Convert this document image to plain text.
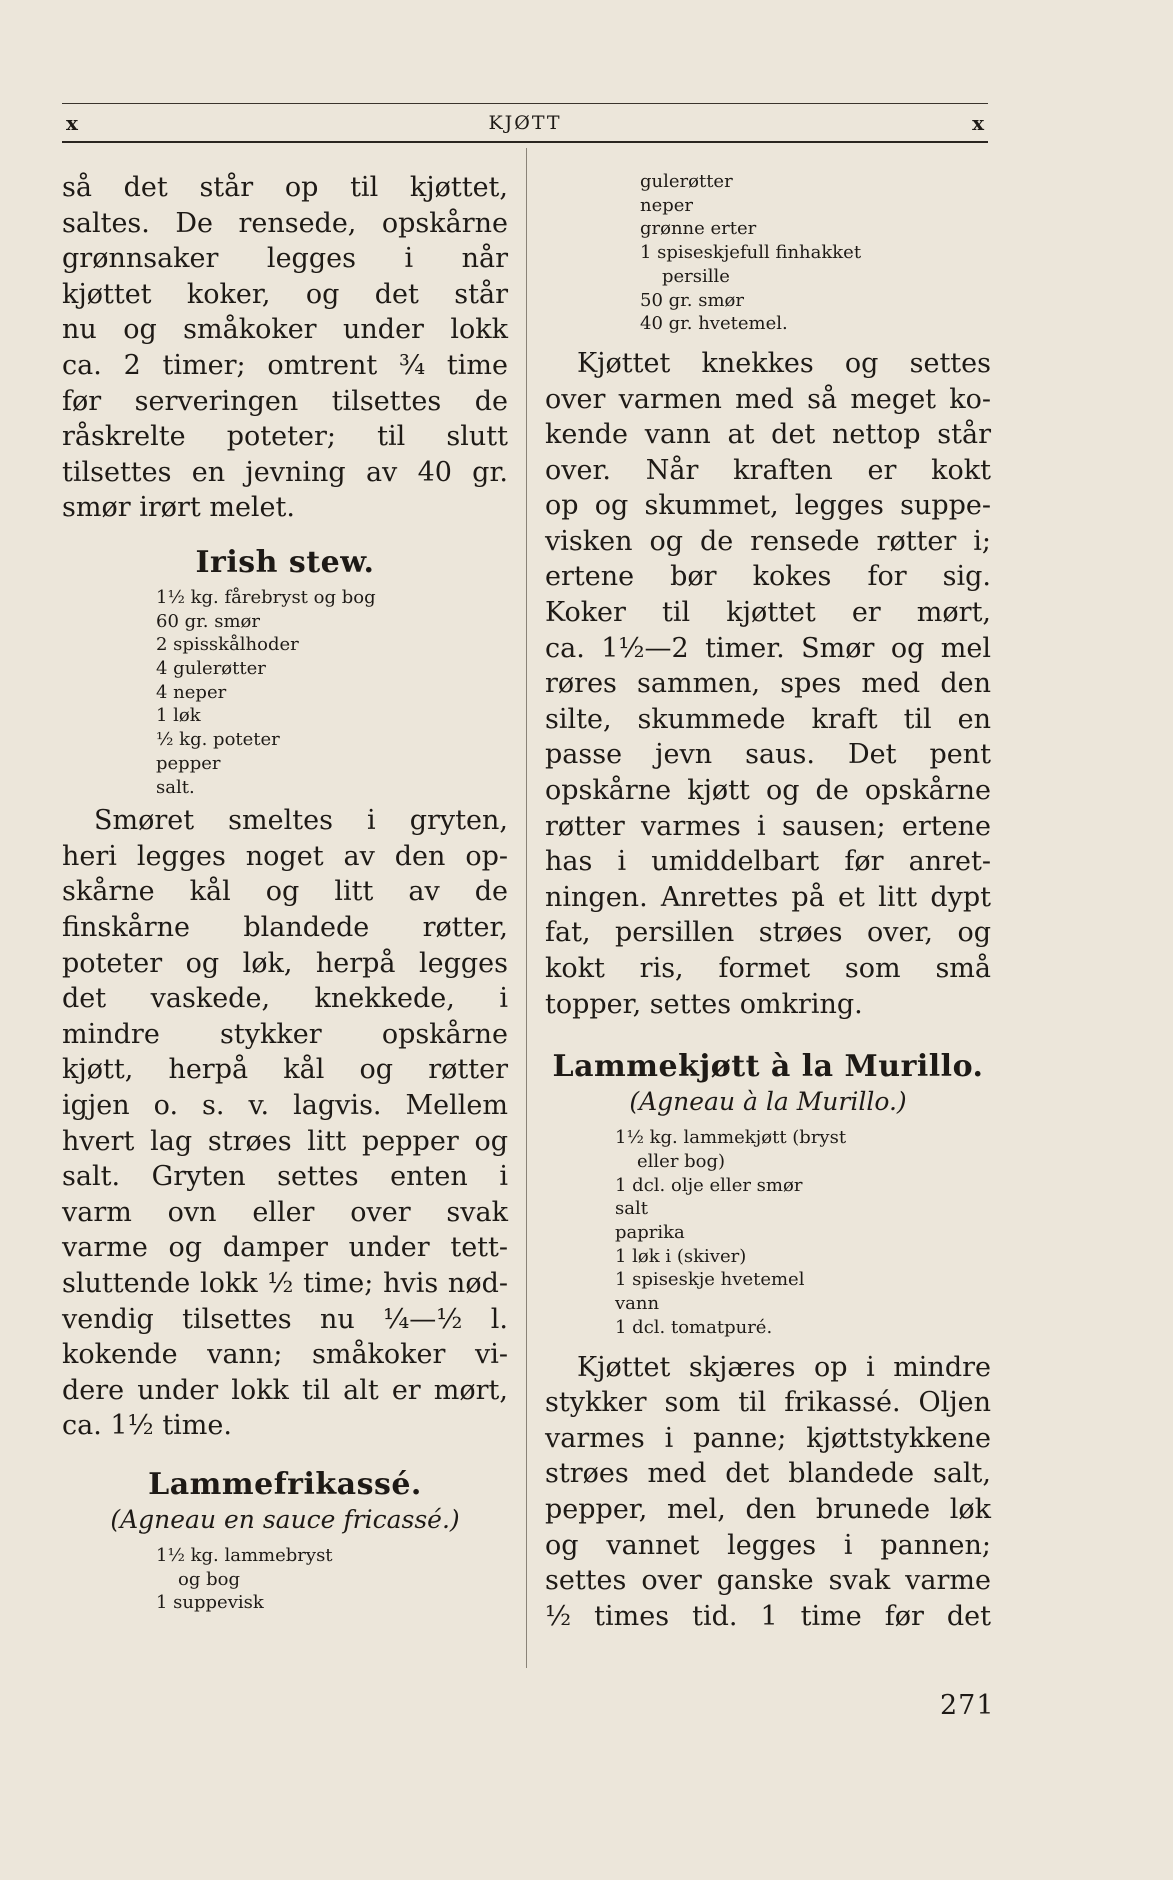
x	KJØTT	x
så det står op til kjøttet,
saltes. De rensede, opskårne
grønnsaker legges i når
kjøttet koker, og det står
nu og småkoker under lokk
ca. 2 timer; omtrent ¾ time
før serveringen tilsettes de
råskrelte poteter; til slutt
tilsettes en jevning av 40 gr.
smør irørt melet.
Irish stew.
1½ kg. fårebryst og bog
60 gr. smør
2 spisskålhoder
4 gulerøtter
4 neper
1 løk
½ kg. poteter
pepper
salt.
Smøret smeltes i gryten,
heri legges noget av den op-
skårne kål og litt av de
finskårne blandede røtter,
poteter og løk, herpå legges
det vaskede, knekkede, i
mindre stykker opskårne
kjøtt, herpå kål og røtter
igjen o. s. v. lagvis. Mellem
hvert lag strøes litt pepper og
salt. Gryten settes enten i
varm ovn eller over svak
varme og damper under tett-
sluttende lokk ½ time; hvis nød-
vendig tilsettes nu ¼—½ l.
kokende vann; småkoker vi-
dere under lokk til alt er mørt,
ca. 1½ time.
Lammefrikassé.
(Agneau en sauce fricassé.)
1½ kg. lammebryst
og bog
1 suppevisk
gulerøtter
neper
grønne erter
1 spiseskjefull finhakket
persille
50 gr. smør
40 gr. hvetemel.
Kjøttet knekkes og settes
over varmen med så meget ko-
kende vann at det nettop står
over. Når kraften er kokt
op og skummet, legges suppe-
visken og de rensede røtter i;
ertene bør kokes for sig.
Koker til kjøttet er mørt,
ca. 1½—2 timer. Smør og mel
røres sammen, spes med den
silte, skummede kraft til en
passe jevn saus. Det pent
opskårne kjøtt og de opskårne
røtter varmes i sausen; ertene
has i umiddelbart før anret-
ningen. Anrettes på et litt dypt
fat, persillen strøes over, og
kokt ris, formet som små
topper, settes omkring.
Lammekjøtt à la Murillo.
(Agneau à la Murillo.)
1½ kg. lammekjøtt (bryst
eller bog)
1 dcl. olje eller smør
salt
paprika
1 løk i (skiver)
1 spiseskje hvetemel
vann
1 dcl. tomatpuré.
Kjøttet skjæres op i mindre
stykker som til frikassé. Oljen
varmes i panne; kjøttstykkene
strøes med det blandede salt,
pepper, mel, den brunede løk
og vannet legges i pannen;
settes over ganske svak varme
½ times tid. 1 time før det
271
